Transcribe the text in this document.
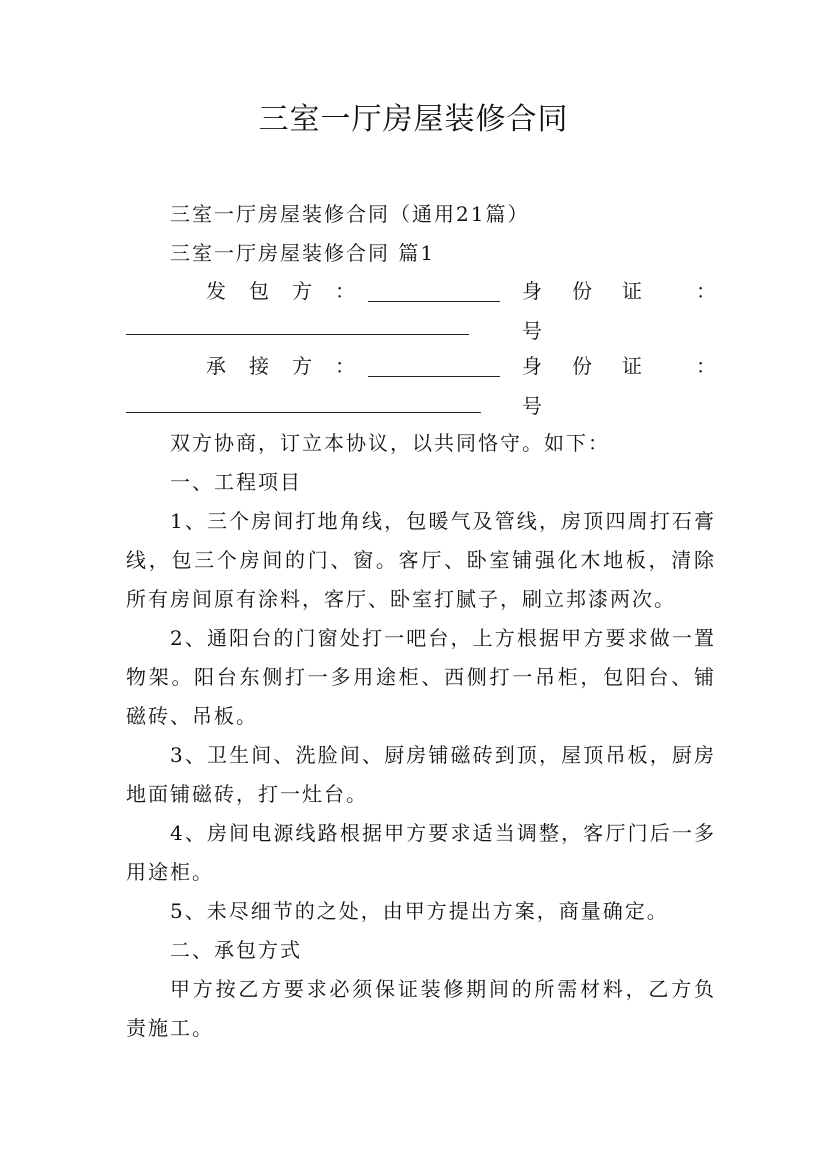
三室一厅房屋装修合同

三室一厅房屋装修合同（通用21篇）

三室一厅房屋装修合同 篇1

发包方：	身份证号
：
承接方：	身份证号
：

双方协商，订立本协议，以共同恪守。如下：

一、工程项目

1、三个房间打地角线，包暖气及管线，房顶四周打石膏线，包三个房间的门、窗。客厅、卧室铺强化木地板，清除所有房间原有涂料，客厅、卧室打腻子，刷立邦漆两次。

2、通阳台的门窗处打一吧台，上方根据甲方要求做一置物架。阳台东侧打一多用途柜、西侧打一吊柜，包阳台、铺磁砖、吊板。

3、卫生间、洗脸间、厨房铺磁砖到顶，屋顶吊板，厨房地面铺磁砖，打一灶台。

4、房间电源线路根据甲方要求适当调整，客厅门后一多用途柜。

5、未尽细节的之处，由甲方提出方案，商量确定。

二、承包方式

甲方按乙方要求必须保证装修期间的所需材料，乙方负责施工。
